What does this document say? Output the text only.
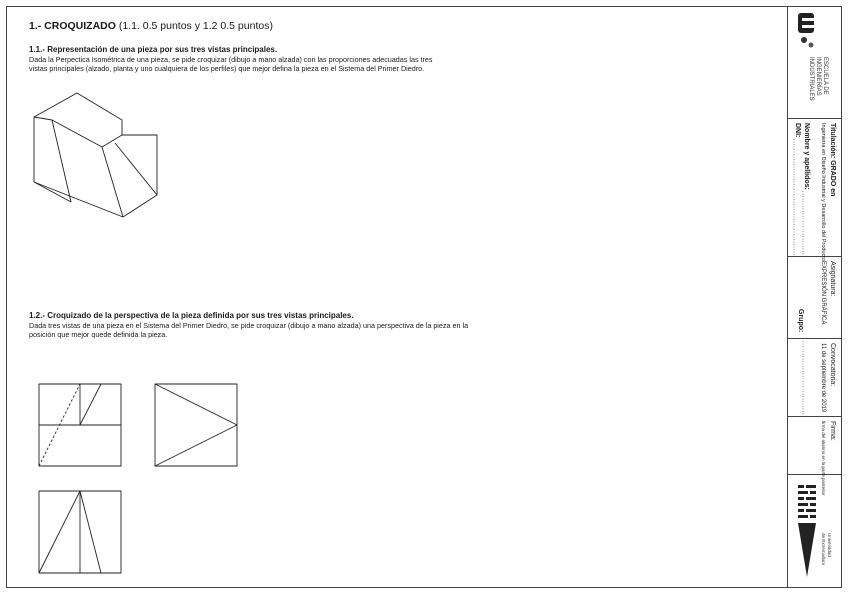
1.- CROQUIZADO (1.1. 0.5 puntos y 1.2 0.5 puntos)
1.1.- Representación de una pieza por sus tres vistas principales.
Dada la Perpectica Isométrica de una pieza, se pide croquizar (dibujo a mano alzada) con las proporciones adecuadas las tres
vistas principales (alzado, planta y uno cualquiera de los perfiles) que mejor defina la pieza en el Sistema del Primer Diedro.
1.2.- Croquizado de la perspectiva de la pieza definida por sus tres vistas principales.
Dada tres vistas de una pieza en el Sistema del Primer Diedro, se pide croquizar (dibujo a mano alzada) una perspectiva de la pieza en la
posición que mejor quede definida la pieza.
ESCUELA DE
INGENIERÍAS
INDUSTRIALES
Titulación: GRADO en
Ingeniería en Diseño Industrial y Desarrollo del Producto
Nombre y apellidos:
DNI:
Asignatura:
EXPRESIÓN GRÁFICA
Grupo:
Convocatoria:
11 de septiembre de 2019
Firma:
firma del alumno en la parte posterior
Universidad
de Extremadura
